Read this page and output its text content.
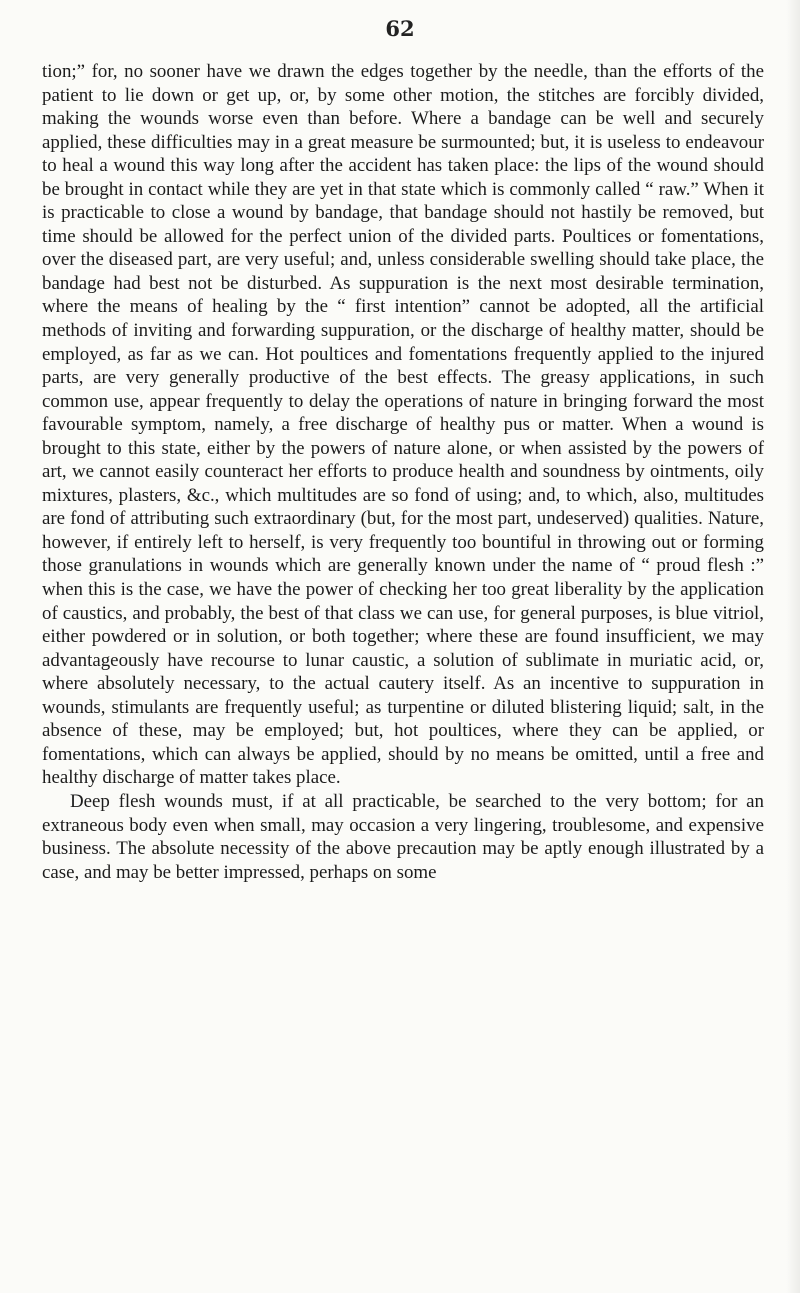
62

tion;” for, no sooner have we drawn the edges together by the needle, than the efforts of the patient to lie down or get up, or, by some other motion, the stitches are forcibly divided, making the wounds worse even than before. Where a bandage can be well and securely applied, these difficulties may in a great measure be surmounted; but, it is useless to endeavour to heal a wound this way long after the accident has taken place: the lips of the wound should be brought in contact while they are yet in that state which is commonly called “ raw.” When it is practicable to close a wound by bandage, that bandage should not hastily be removed, but time should be allowed for the perfect union of the divided parts. Poultices or fomentations, over the diseased part, are very useful; and, unless considerable swelling should take place, the bandage had best not be disturbed. As suppuration is the next most desirable termination, where the means of healing by the “ first intention” cannot be adopted, all the artificial methods of inviting and forwarding suppuration, or the discharge of healthy matter, should be employed, as far as we can. Hot poultices and fomentations frequently applied to the injured parts, are very generally productive of the best effects. The greasy applications, in such common use, appear frequently to delay the operations of nature in bringing forward the most favourable symptom, namely, a free discharge of healthy pus or matter. When a wound is brought to this state, either by the powers of nature alone, or when assisted by the powers of art, we cannot easily counteract her efforts to produce health and soundness by ointments, oily mixtures, plasters, &c., which multitudes are so fond of using; and, to which, also, multitudes are fond of attributing such extraordinary (but, for the most part, undeserved) qualities. Nature, however, if entirely left to herself, is very frequently too bountiful in throwing out or forming those granulations in wounds which are generally known under the name of “ proud flesh :” when this is the case, we have the power of checking her too great liberality by the application of caustics, and probably, the best of that class we can use, for general purposes, is blue vitriol, either powdered or in solution, or both together; where these are found insufficient, we may advantageously have recourse to lunar caustic, a solution of sublimate in muriatic acid, or, where absolutely necessary, to the actual cautery itself. As an incentive to suppuration in wounds, stimulants are frequently useful; as turpentine or diluted blistering liquid; salt, in the absence of these, may be employed; but, hot poultices, where they can be applied, or fomentations, which can always be applied, should by no means be omitted, until a free and healthy discharge of matter takes place.

Deep flesh wounds must, if at all practicable, be searched to the very bottom; for an extraneous body even when small, may occasion a very lingering, troublesome, and expensive business. The absolute necessity of the above precaution may be aptly enough illustrated by a case, and may be better impressed, perhaps on some
